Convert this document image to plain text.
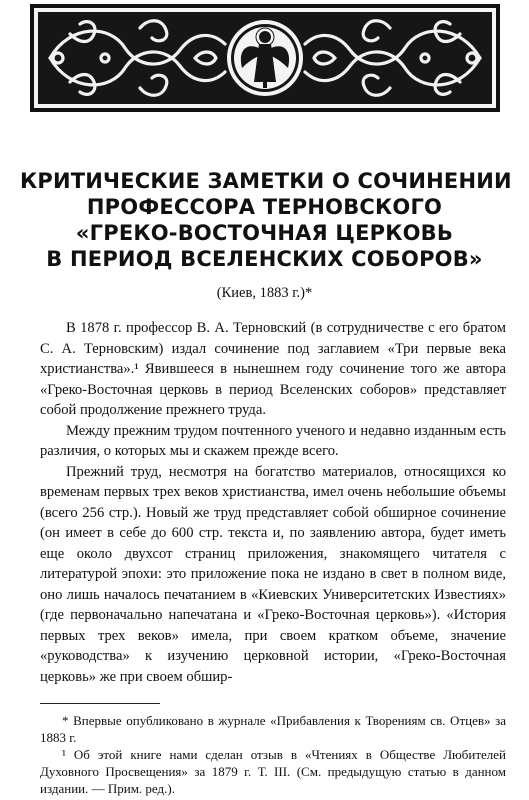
КРИТИЧЕСКИЕ ЗАМЕТКИ О СОЧИНЕНИИ
ПРОФЕССОРА ТЕРНОВСКОГО
«ГРЕКО-ВОСТОЧНАЯ ЦЕРКОВЬ
В ПЕРИОД ВСЕЛЕНСКИХ СОБОРОВ»
(Киев, 1883 г.)*

В 1878 г. профессор В. А. Терновский (в сотрудничестве с его братом С. А. Терновским) издал сочинение под заглавием «Три первые века христианства».¹ Явившееся в нынешнем году сочинение того же автора «Греко-Восточная церковь в период Вселенских соборов» представляет собой продолжение прежнего труда.

Между прежним трудом почтенного ученого и недавно изданным есть различия, о которых мы и скажем прежде всего.

Прежний труд, несмотря на богатство материалов, относящихся ко временам первых трех веков христианства, имел очень небольшие объемы (всего 256 стр.). Новый же труд представляет собой обширное сочинение (он имеет в себе до 600 стр. текста и, по заявлению автора, будет иметь еще около двухсот страниц приложения, знакомящего читателя с литературой эпохи: это приложение пока не издано в свет в полном виде, оно лишь началось печатанием в «Киевских Университетских Известиях» (где первоначально напечатана и «Греко-Восточная церковь»). «История первых трех веков» имела, при своем кратком объеме, значение «руководства» к изучению церковной истории, «Греко-Восточная церковь» же при своем обшир-

* Впервые опубликовано в журнале «Прибавления к Творениям св. Отцев» за 1883 г.

¹ Об этой книге нами сделан отзыв в «Чтениях в Обществе Любителей Духовного Просвещения» за 1879 г. Т. III. (См. предыдущую статью в данном издании. — Прим. ред.).
